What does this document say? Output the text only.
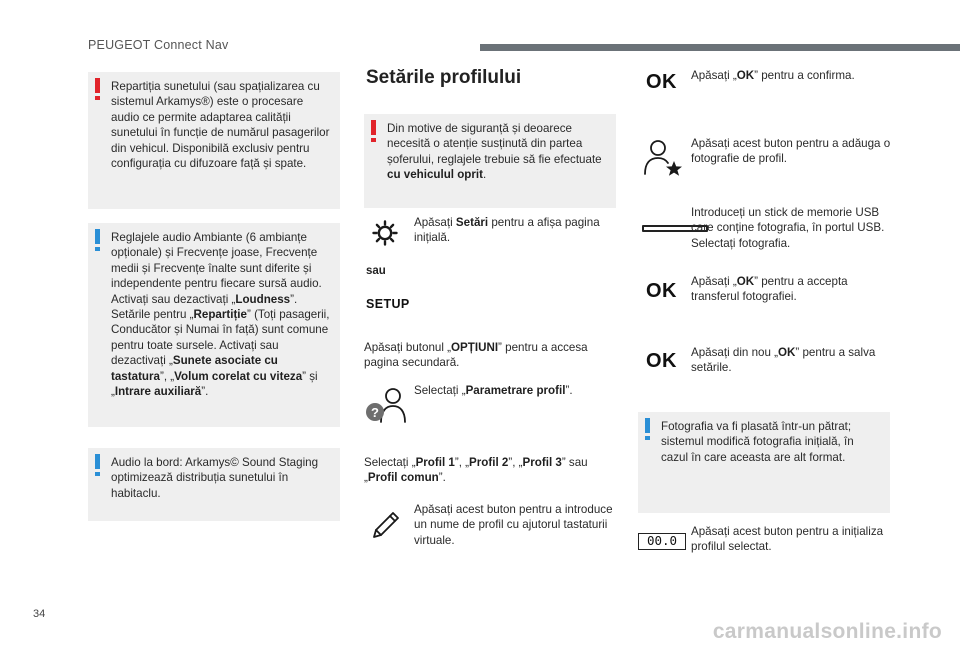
PEUGEOT Connect Nav
Repartiția sunetului (sau spațializarea cu sistemul Arkamys®) este o procesare audio ce permite adaptarea calității sunetului în funcție de numărul pasagerilor din vehicul. Disponibilă exclusiv pentru configurația cu difuzoare față și spate.
Reglajele audio Ambiante (6 ambianțe opționale) și Frecvențe joase, Frecvențe medii și Frecvențe înalte sunt diferite și independente pentru fiecare sursă audio. Activați sau dezactivați „Loudness”. Setările pentru „Repartiție” (Toți pasagerii, Conducător și Numai în față) sunt comune pentru toate sursele. Activați sau dezactivați „Sunete asociate cu tastatura”, „Volum corelat cu viteza” și „Intrare auxiliară”.
Audio la bord: Arkamys© Sound Staging optimizează distribuția sunetului în habitaclu.
Setările profilului
Din motive de siguranță și deoarece necesită o atenție susținută din partea șoferului, reglajele trebuie să fie efectuate cu vehiculul oprit.
Apăsați Setări pentru a afișa pagina inițială.
sau
SETUP
Apăsați butonul „OPȚIUNI” pentru a accesa pagina secundară.
?
Selectați „Parametrare profil”.
Selectați „Profil 1”, „Profil 2”, „Profil 3” sau „Profil comun”.
Apăsați acest buton pentru a introduce un nume de profil cu ajutorul tastaturii virtuale.
OK Apăsați „OK” pentru a confirma.
Apăsați acest buton pentru a adăuga o fotografie de profil.
Introduceți un stick de memorie USB care conține fotografia, în portul USB.
Selectați fotografia.
OK Apăsați „OK” pentru a accepta transferul fotografiei.
OK Apăsați din nou „OK” pentru a salva setările.
Fotografia va fi plasată într-un pătrat; sistemul modifică fotografia inițială, în cazul în care aceasta are alt format.
00.0
Apăsați acest buton pentru a inițializa profilul selectat.
34
carmanualsonline.info
